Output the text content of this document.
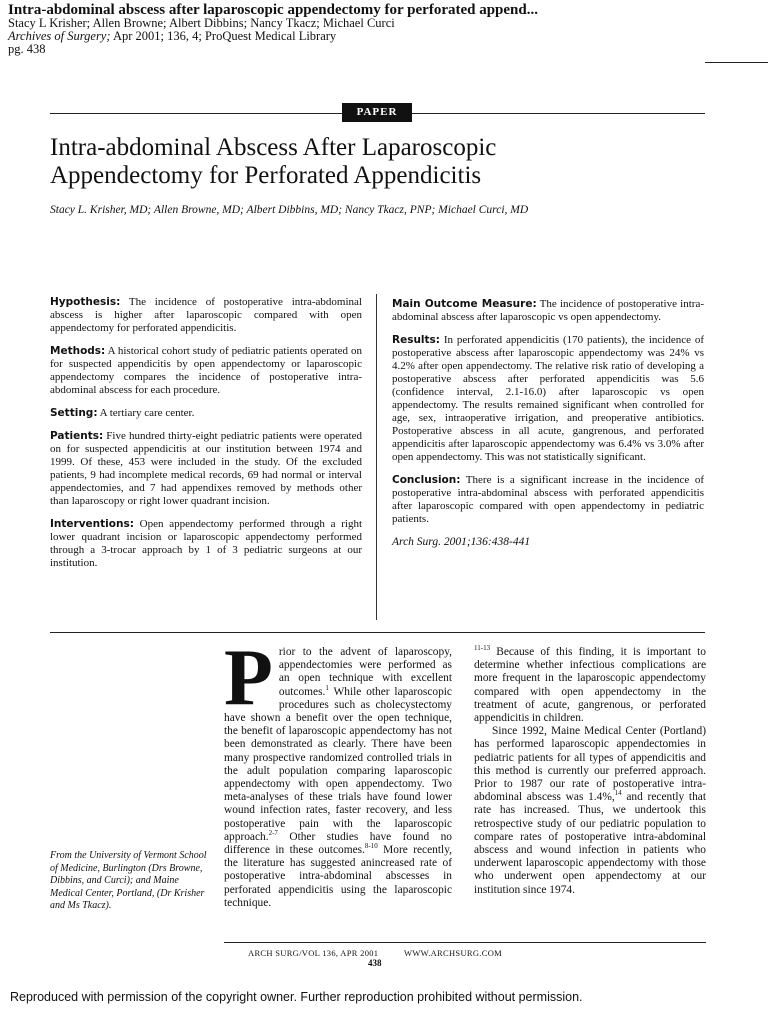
Intra-abdominal abscess after laparoscopic appendectomy for perforated append...
Stacy L Krisher; Allen Browne; Albert Dibbins; Nancy Tkacz; Michael Curci
Archives of Surgery; Apr 2001; 136, 4; ProQuest Medical Library
pg. 438
PAPER
Intra-abdominal Abscess After Laparoscopic
Appendectomy for Perforated Appendicitis
Stacy L. Krisher, MD; Allen Browne, MD; Albert Dibbins, MD; Nancy Tkacz, PNP; Michael Curci, MD

Hypothesis: The incidence of postoperative intra-abdominal abscess is higher after laparoscopic compared with open appendectomy for perforated appendicitis.

Methods: A historical cohort study of pediatric patients operated on for suspected appendicitis by open appendectomy or laparoscopic appendectomy compares the incidence of postoperative intra-abdominal abscess for each procedure.

Setting: A tertiary care center.

Patients: Five hundred thirty-eight pediatric patients were operated on for suspected appendicitis at our institution between 1974 and 1999. Of these, 453 were included in the study. Of the excluded patients, 9 had incomplete medical records, 69 had normal or interval appendectomies, and 7 had appendixes removed by methods other than laparoscopy or right lower quadrant incision.

Interventions: Open appendectomy performed through a right lower quadrant incision or laparoscopic appendectomy performed through a 3-trocar approach by 1 of 3 pediatric surgeons at our institution.

Main Outcome Measure: The incidence of postoperative intra-abdominal abscess after laparoscopic vs open appendectomy.

Results: In perforated appendicitis (170 patients), the incidence of postoperative abscess after laparoscopic appendectomy was 24% vs 4.2% after open appendectomy. The relative risk ratio of developing a postoperative abscess after perforated appendicitis was 5.6 (confidence interval, 2.1-16.0) after laparoscopic vs open appendectomy. The results remained significant when controlled for age, sex, intraoperative irrigation, and preoperative antibiotics. Postoperative abscess in all acute, gangrenous, and perforated appendicitis after laparoscopic appendectomy was 6.4% vs 3.0% after open appendectomy. This was not statistically significant.

Conclusion: There is a significant increase in the incidence of postoperative intra-abdominal abscess with perforated appendicitis after laparoscopic compared with open appendectomy in pediatric patients.

Arch Surg. 2001;136:438-441
From the University of Vermont School of Medicine, Burlington (Drs Browne, Dibbins, and Curci); and Maine Medical Center, Portland, (Dr Krisher and Ms Tkacz).
Prior to the advent of laparoscopy, appendectomies were performed as an open technique with excellent outcomes.$^1$ While other laparoscopic procedures such as cholecystectomy have shown a benefit over the open technique, the benefit of laparoscopic appendectomy has not been demonstrated as clearly. There have been many prospective randomized controlled trials in the adult population comparing laparoscopic appendectomy with open appendectomy. Two meta-analyses of these trials have found lower wound infection rates, faster recovery, and less postoperative pain with the laparoscopic approach.$^{2-7}$ Other studies have found no difference in these outcomes.$^{8-10}$ More recently, the literature has suggested anincreased rate of postoperative intra-abdominal abscesses in perforated appendicitis using the laparoscopic technique.
$^{11-13}$ Because of this finding, it is important to determine whether infectious complications are more frequent in the laparoscopic appendectomy compared with open appendectomy in the treatment of acute, gangrenous, or perforated appendicitis in children.
Since 1992, Maine Medical Center (Portland) has performed laparoscopic appendectomies in pediatric patients for all types of appendicitis and this method is currently our preferred approach. Prior to 1987 our rate of postoperative intra-abdominal abscess was 1.4%,$^{14}$ and recently that rate has increased. Thus, we undertook this retrospective study of our pediatric population to compare rates of postoperative intra-abdominal abscess and wound infection in patients who underwent laparoscopic appendectomy with those who underwent open appendectomy at our institution since 1974.
ARCH SURG/VOL 136, APR 2001	WWW.ARCHSURG.COM
438
Reproduced with permission of the copyright owner. Further reproduction prohibited without permission.
